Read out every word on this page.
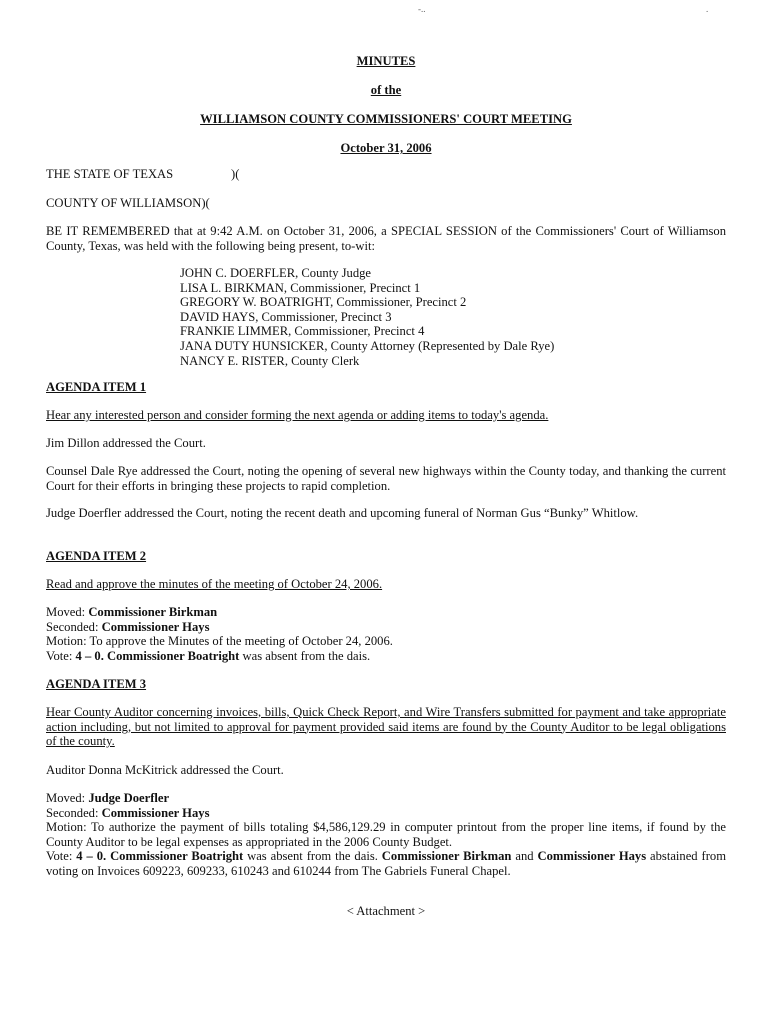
-..	.
MINUTES
of the
WILLIAMSON COUNTY COMMISSIONERS' COURT MEETING
October 31, 2006
THE STATE OF TEXAS	)(
COUNTY OF WILLIAMSON)(
BE IT REMEMBERED that at 9:42 A.M. on October 31, 2006, a SPECIAL SESSION of the Commissioners' Court of Williamson County, Texas, was held with the following being present, to-wit:
JOHN C. DOERFLER, County Judge
LISA L. BIRKMAN, Commissioner, Precinct 1
GREGORY W. BOATRIGHT, Commissioner, Precinct 2
DAVID HAYS, Commissioner, Precinct 3
FRANKIE LIMMER, Commissioner, Precinct 4
JANA DUTY HUNSICKER, County Attorney (Represented by Dale Rye)
NANCY E. RISTER, County Clerk
AGENDA ITEM 1
Hear any interested person and consider forming the next agenda or adding items to today's agenda.
Jim Dillon addressed the Court.
Counsel Dale Rye addressed the Court, noting the opening of several new highways within the County today, and thanking the current Court for their efforts in bringing these projects to rapid completion.
Judge Doerfler addressed the Court, noting the recent death and upcoming funeral of Norman Gus “Bunky” Whitlow.
AGENDA ITEM 2
Read and approve the minutes of the meeting of October 24, 2006.
Moved: Commissioner Birkman
Seconded: Commissioner Hays
Motion: To approve the Minutes of the meeting of October 24, 2006.
Vote: 4 – 0. Commissioner Boatright was absent from the dais.
AGENDA ITEM 3
Hear County Auditor concerning invoices, bills, Quick Check Report, and Wire Transfers submitted for payment and take appropriate action including, but not limited to approval for payment provided said items are found by the County Auditor to be legal obligations of the county.
Auditor Donna McKitrick addressed the Court.
Moved: Judge Doerfler
Seconded: Commissioner Hays
Motion: To authorize the payment of bills totaling $4,586,129.29 in computer printout from the proper line items, if found by the County Auditor to be legal expenses as appropriated in the 2006 County Budget.
Vote: 4 – 0. Commissioner Boatright was absent from the dais. Commissioner Birkman and Commissioner Hays abstained from voting on Invoices 609223, 609233, 610243 and 610244 from The Gabriels Funeral Chapel.
< Attachment >
